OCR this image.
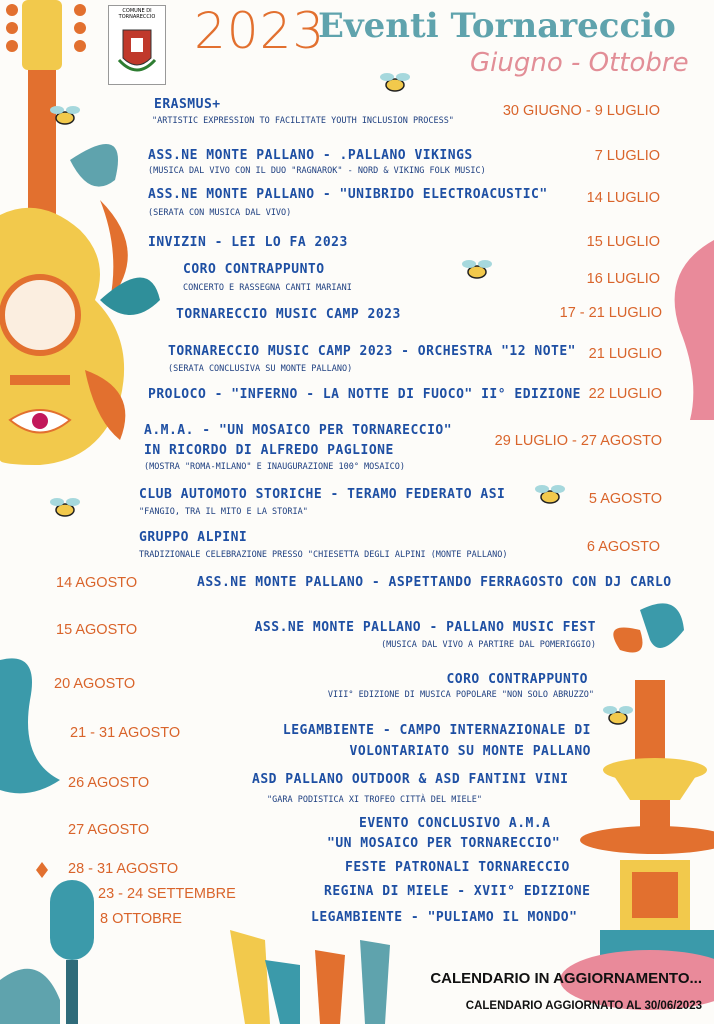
COMUNE DI TORNARECCIO 2023
Eventi Tornareccio
Giugno - Ottobre
ERASMUS+
"ARTISTIC EXPRESSION TO FACILITATE YOUTH INCLUSION PROCESS"
30 GIUGNO - 9 LUGLIO
ASS.NE MONTE PALLANO - .PALLANO VIKINGS
(MUSICA DAL VIVO CON IL DUO "RAGNAROK" - NORD & VIKING FOLK MUSIC)
7 LUGLIO
ASS.NE MONTE PALLANO - "UNIBRIDO ELECTROACUSTIC"
(SERATA CON MUSICA DAL VIVO)
14 LUGLIO
INVIZIN - LEI LO FA 2023	15 LUGLIO
CORO CONTRAPPUNTO
CONCERTO E RASSEGNA CANTI MARIANI
16 LUGLIO
TORNARECCIO MUSIC CAMP 2023	17 - 21 LUGLIO
TORNARECCIO MUSIC CAMP 2023 - ORCHESTRA "12 NOTE"
(SERATA CONCLUSIVA SU MONTE PALLANO)
21 LUGLIO
PROLOCO - "INFERNO - LA NOTTE DI FUOCO" II° EDIZIONE 22 LUGLIO
A.M.A. - "UN MOSAICO PER TORNARECCIO"
IN RICORDO DI ALFREDO PAGLIONE
(MOSTRA "ROMA-MILANO" E INAUGURAZIONE 100° MOSAICO)
29 LUGLIO - 27 AGOSTO
CLUB AUTOMOTO STORICHE - TERAMO FEDERATO ASI
"FANGIO, TRA IL MITO E LA STORIA"
5 AGOSTO
GRUPPO ALPINI
TRADIZIONALE CELEBRAZIONE PRESSO "CHIESETTA DEGLI ALPINI (MONTE PALLANO)	6 AGOSTO
14 AGOSTO	ASS.NE MONTE PALLANO - ASPETTANDO FERRAGOSTO CON DJ CARLO
15 AGOSTO	ASS.NE MONTE PALLANO - PALLANO MUSIC FEST
(MUSICA DAL VIVO A PARTIRE DAL POMERIGGIO)
20 AGOSTO	CORO CONTRAPPUNTO
VIII° EDIZIONE DI MUSICA POPOLARE "NON SOLO ABRUZZO"
21 - 31 AGOSTO	LEGAMBIENTE - CAMPO INTERNAZIONALE DI
VOLONTARIATO SU MONTE PALLANO
26 AGOSTO	ASD PALLANO OUTDOOR & ASD FANTINI VINI
"GARA PODISTICA XI TROFEO CITTÀ DEL MIELE"
27 AGOSTO	EVENTO CONCLUSIVO A.M.A
"UN MOSAICO PER TORNARECCIO"
28 - 31 AGOSTO	FESTE PATRONALI TORNARECCIO
23 - 24 SETTEMBRE	REGINA DI MIELE - XVII° EDIZIONE
8 OTTOBRE	LEGAMBIENTE - "PULIAMO IL MONDO"
CALENDARIO IN AGGIORNAMENTO...
CALENDARIO AGGIORNATO AL 30/06/2023
